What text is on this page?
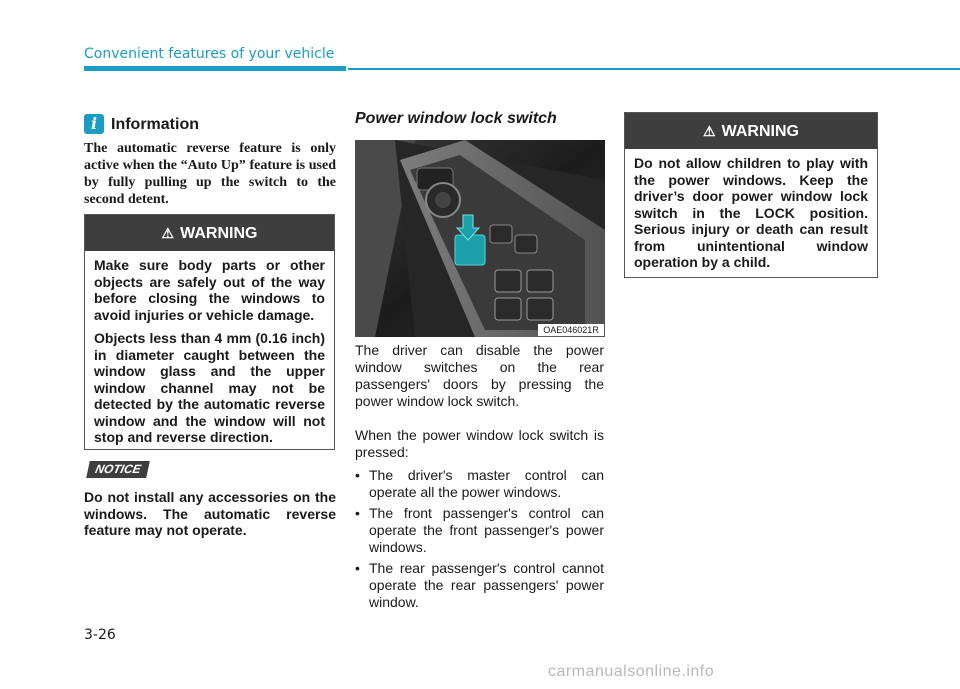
Convenient features of your vehicle
i Information
The automatic reverse feature is only active when the “Auto Up” feature is used by fully pulling up the switch to the second detent.
⚠ WARNING

Make sure body parts or other objects are safely out of the way before closing the windows to avoid injuries or vehicle damage.

Objects less than 4 mm (0.16 inch) in diameter caught between the window glass and the upper window channel may not be detected by the automatic reverse window and the window will not stop and reverse direction.

NOTICE
Do not install any accessories on the windows. The automatic reverse feature may not operate.
Power window lock switch
OAE046021R

The driver can disable the power window switches on the rear passengers' doors by pressing the power window lock switch.

When the power window lock switch is pressed:

• The driver's master control can operate all the power windows.
• The front passenger's control can operate the front passenger's power windows.
• The rear passenger's control cannot operate the rear passengers' power window.
⚠ WARNING

Do not allow children to play with the power windows. Keep the driver’s door power window lock switch in the LOCK position. Serious injury or death can result from unintentional window operation by a child.

3-26
carmanualsonline.info
